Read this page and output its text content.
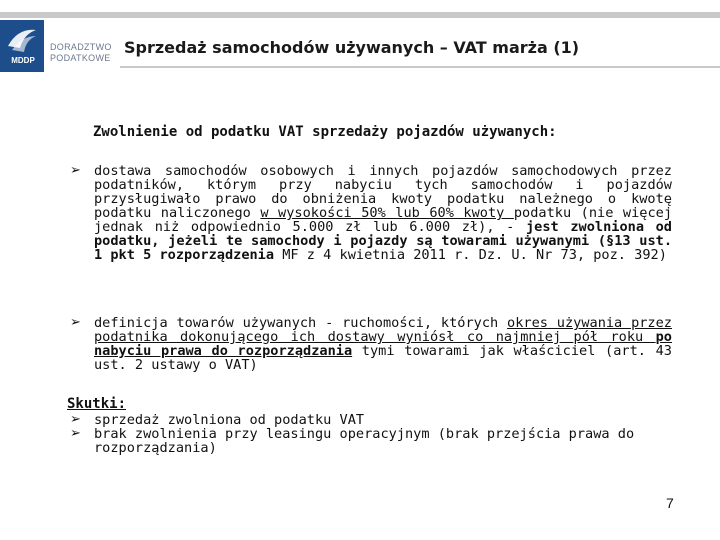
MDDP
DORADZTWO
PODATKOWE
Sprzedaż samochodów używanych – VAT marża (1)
Zwolnienie od podatku VAT sprzedaży pojazdów używanych:
➢ dostawa samochodów osobowych i innych pojazdów samochodowych przez podatników, którym przy nabyciu tych samochodów i pojazdów przysługiwało prawo do obniżenia kwoty podatku należnego o kwotę podatku naliczonego w wysokości 50% lub 60% kwoty podatku (nie więcej jednak niż odpowiednio 5.000 zł lub 6.000 zł), - jest zwolniona od podatku, jeżeli te samochody i pojazdy są towarami używanymi (§13 ust. 1 pkt 5 rozporządzenia MF z 4 kwietnia 2011 r. Dz. U. Nr 73, poz. 392)
➢ definicja towarów używanych - ruchomości, których okres używania przez podatnika dokonującego ich dostawy wyniósł co najmniej pół roku po nabyciu prawa do rozporządzania tymi towarami jak właściciel (art. 43 ust. 2 ustawy o VAT)
Skutki:
➢ sprzedaż zwolniona od podatku VAT
➢ brak zwolnienia przy leasingu operacyjnym (brak przejścia prawa do rozporządzania)
7
